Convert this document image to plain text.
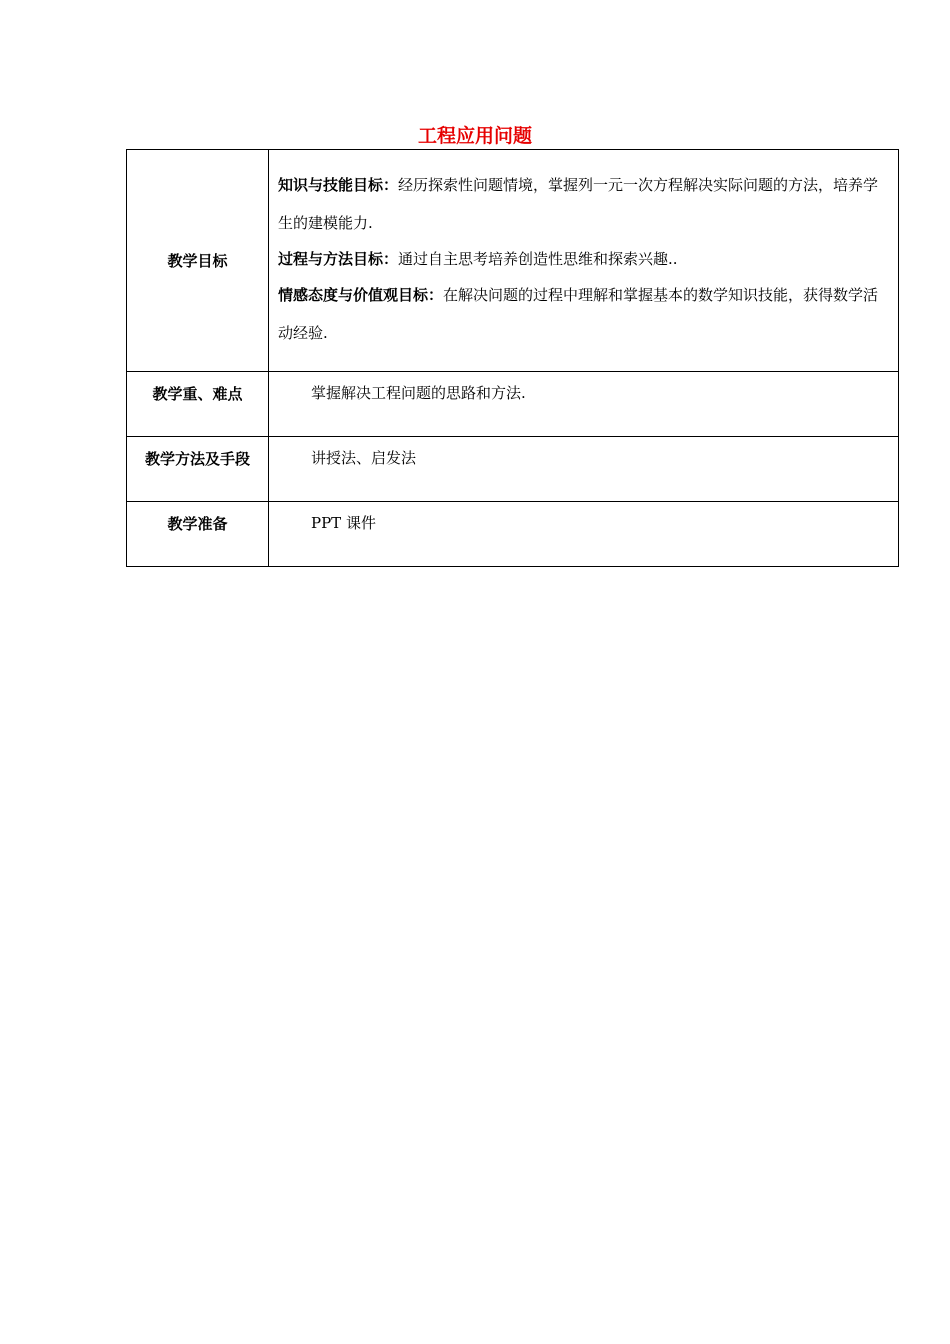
工程应用问题
教学目标	知识与技能目标：经历探索性问题情境，掌握列一元一次方程解决实际问题的方法，培养学生的建模能力.

过程与方法目标：通过自主思考培养创造性思维和探索兴趣..

情感态度与价值观目标：在解决问题的过程中理解和掌握基本的数学知识技能，获得数学活动经验.

教学重、难点	掌握解决工程问题的思路和方法.

教学方法及手段	讲授法、启发法

教学准备	PPT 课件
